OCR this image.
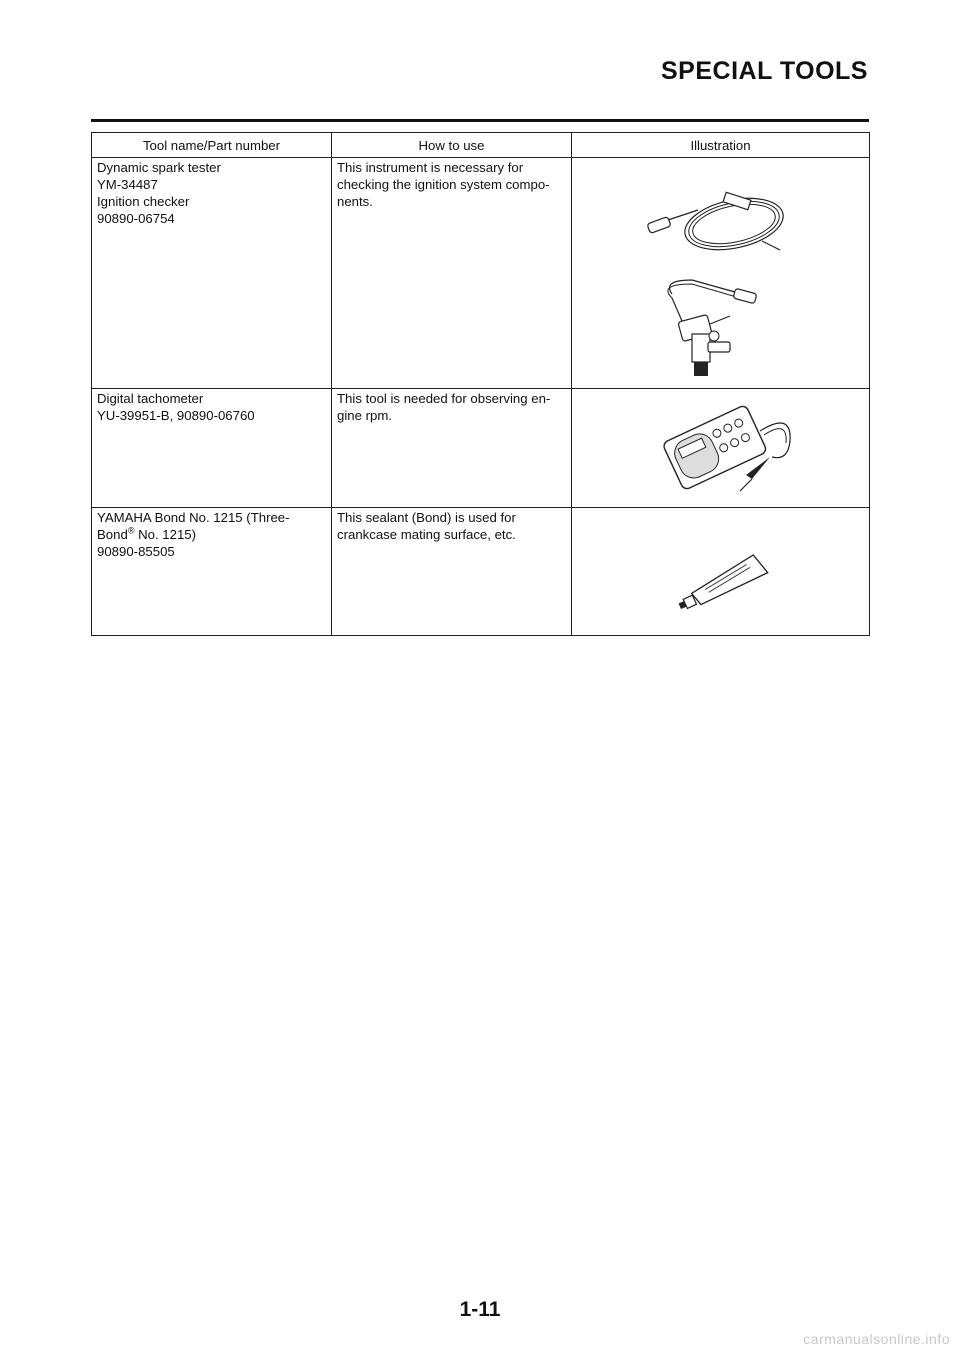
SPECIAL TOOLS
Tool name/Part number	How to use	Illustration

Dynamic spark tester
YM-34487
Ignition checker
90890-06754	This instrument is necessary for
checking the ignition system compo-
nents.

Digital tachometer
YU-39951-B, 90890-06760	This tool is needed for observing en-
gine rpm.

YAMAHA Bond No. 1215 (Three-
Bond® No. 1215)
90890-85505	This sealant (Bond) is used for
crankcase mating surface, etc.

1-11
carmanualsonline.info
